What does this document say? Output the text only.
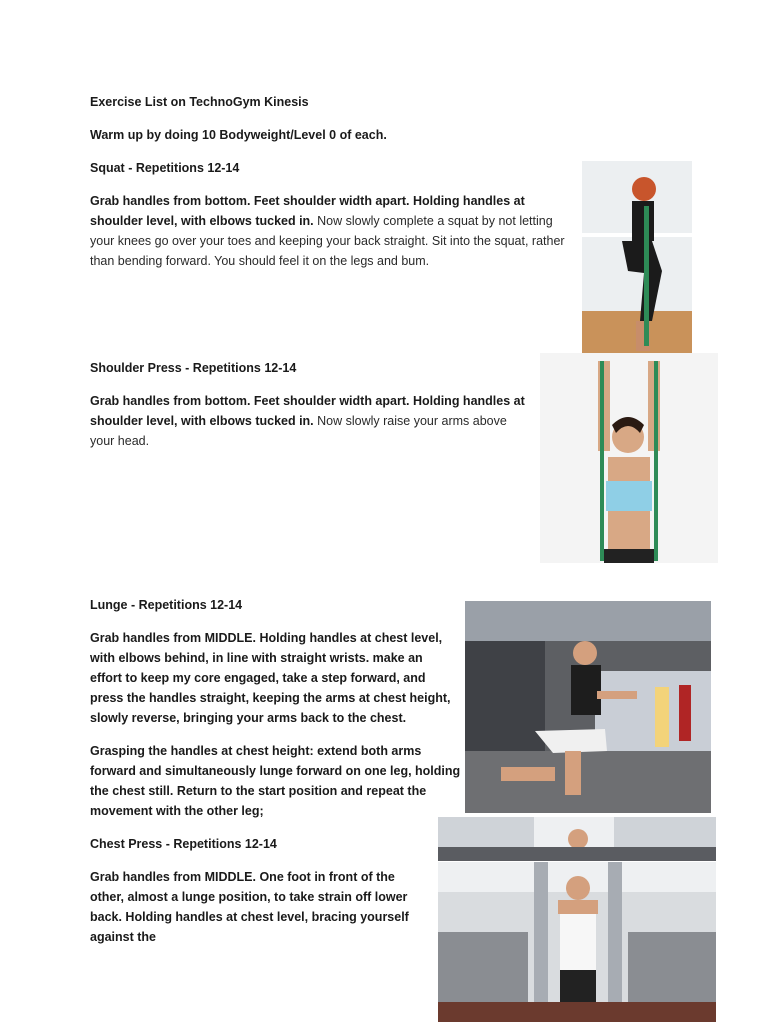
Exercise List on TechnoGym Kinesis

Warm up by doing 10 Bodyweight/Level 0 of each.

Squat - Repetitions 12-14

Grab handles from bottom. Feet shoulder width apart. Holding handles at shoulder level, with elbows tucked in. Now slowly complete a squat by not letting your knees go over your toes and keeping your back straight. Sit into the squat, rather than bending forward. You should feel it on the legs and bum.

Shoulder Press - Repetitions 12-14

Grab handles from bottom. Feet shoulder width apart. Holding handles at shoulder level, with elbows tucked in. Now slowly raise your arms above your head.

Lunge - Repetitions 12-14

Grab handles from MIDDLE. Holding handles at chest level, with elbows behind, in line with straight wrists. make an effort to keep my core engaged, take a step forward, and press the handles straight, keeping the arms at chest height, slowly reverse, bringing your arms back to the chest.

Grasping the handles at chest height: extend both arms forward and simultaneously lunge forward on one leg, holding the chest still. Return to the start position and repeat the movement with the other leg;

Chest Press - Repetitions 12-14

Grab handles from MIDDLE. One foot in front of the other, almost a lunge position, to take strain off lower back. Holding handles at chest level, bracing yourself against the
